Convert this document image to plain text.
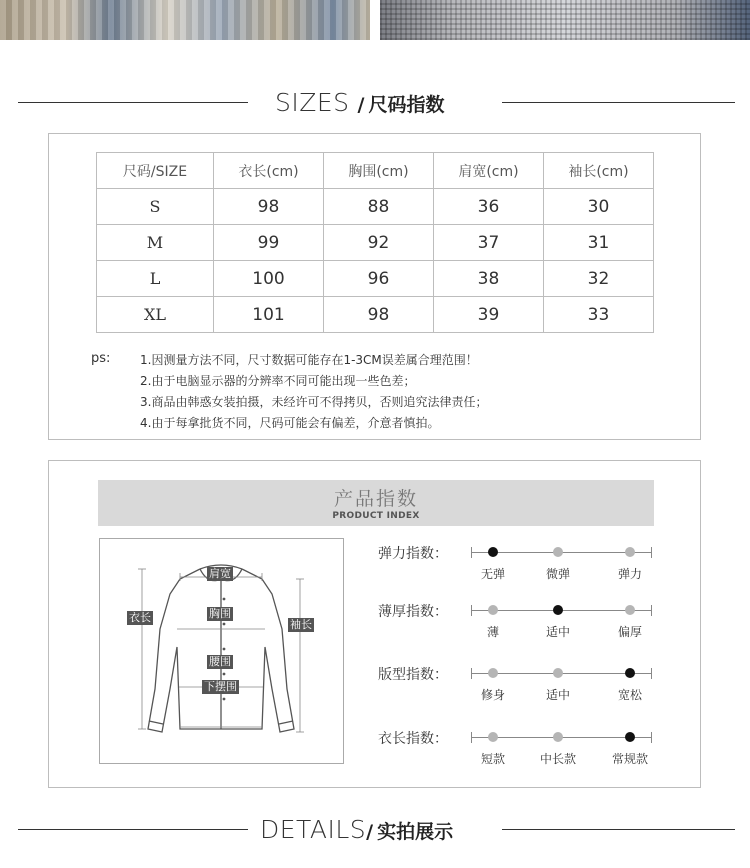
SIZES / 尺码指数
尺码/SIZE	衣长(cm)	胸围(cm)	肩宽(cm)	袖长(cm)
S	98	88	36	30
M	99	92	37	31
L	100	96	38	32
XL	101	98	39	33
ps: 1.因测量方法不同，尺寸数据可能存在1-3CM误差属合理范围！
2.由于电脑显示器的分辨率不同可能出现一些色差；
3.商品由韩惑女装拍摄，未经许可不得拷贝，否则追究法律责任；
4.由于每拿批货不同，尺码可能会有偏差，介意者慎拍。
产品指数
PRODUCT INDEX
肩宽
衣长	胸围
袖长
腰围
下摆围
弹力指数：
无弹	微弹	弹力
薄厚指数：
薄	适中	偏厚
版型指数：
修身	适中	宽松
衣长指数：
短款	中长款	常规款
DETAILS / 实拍展示
